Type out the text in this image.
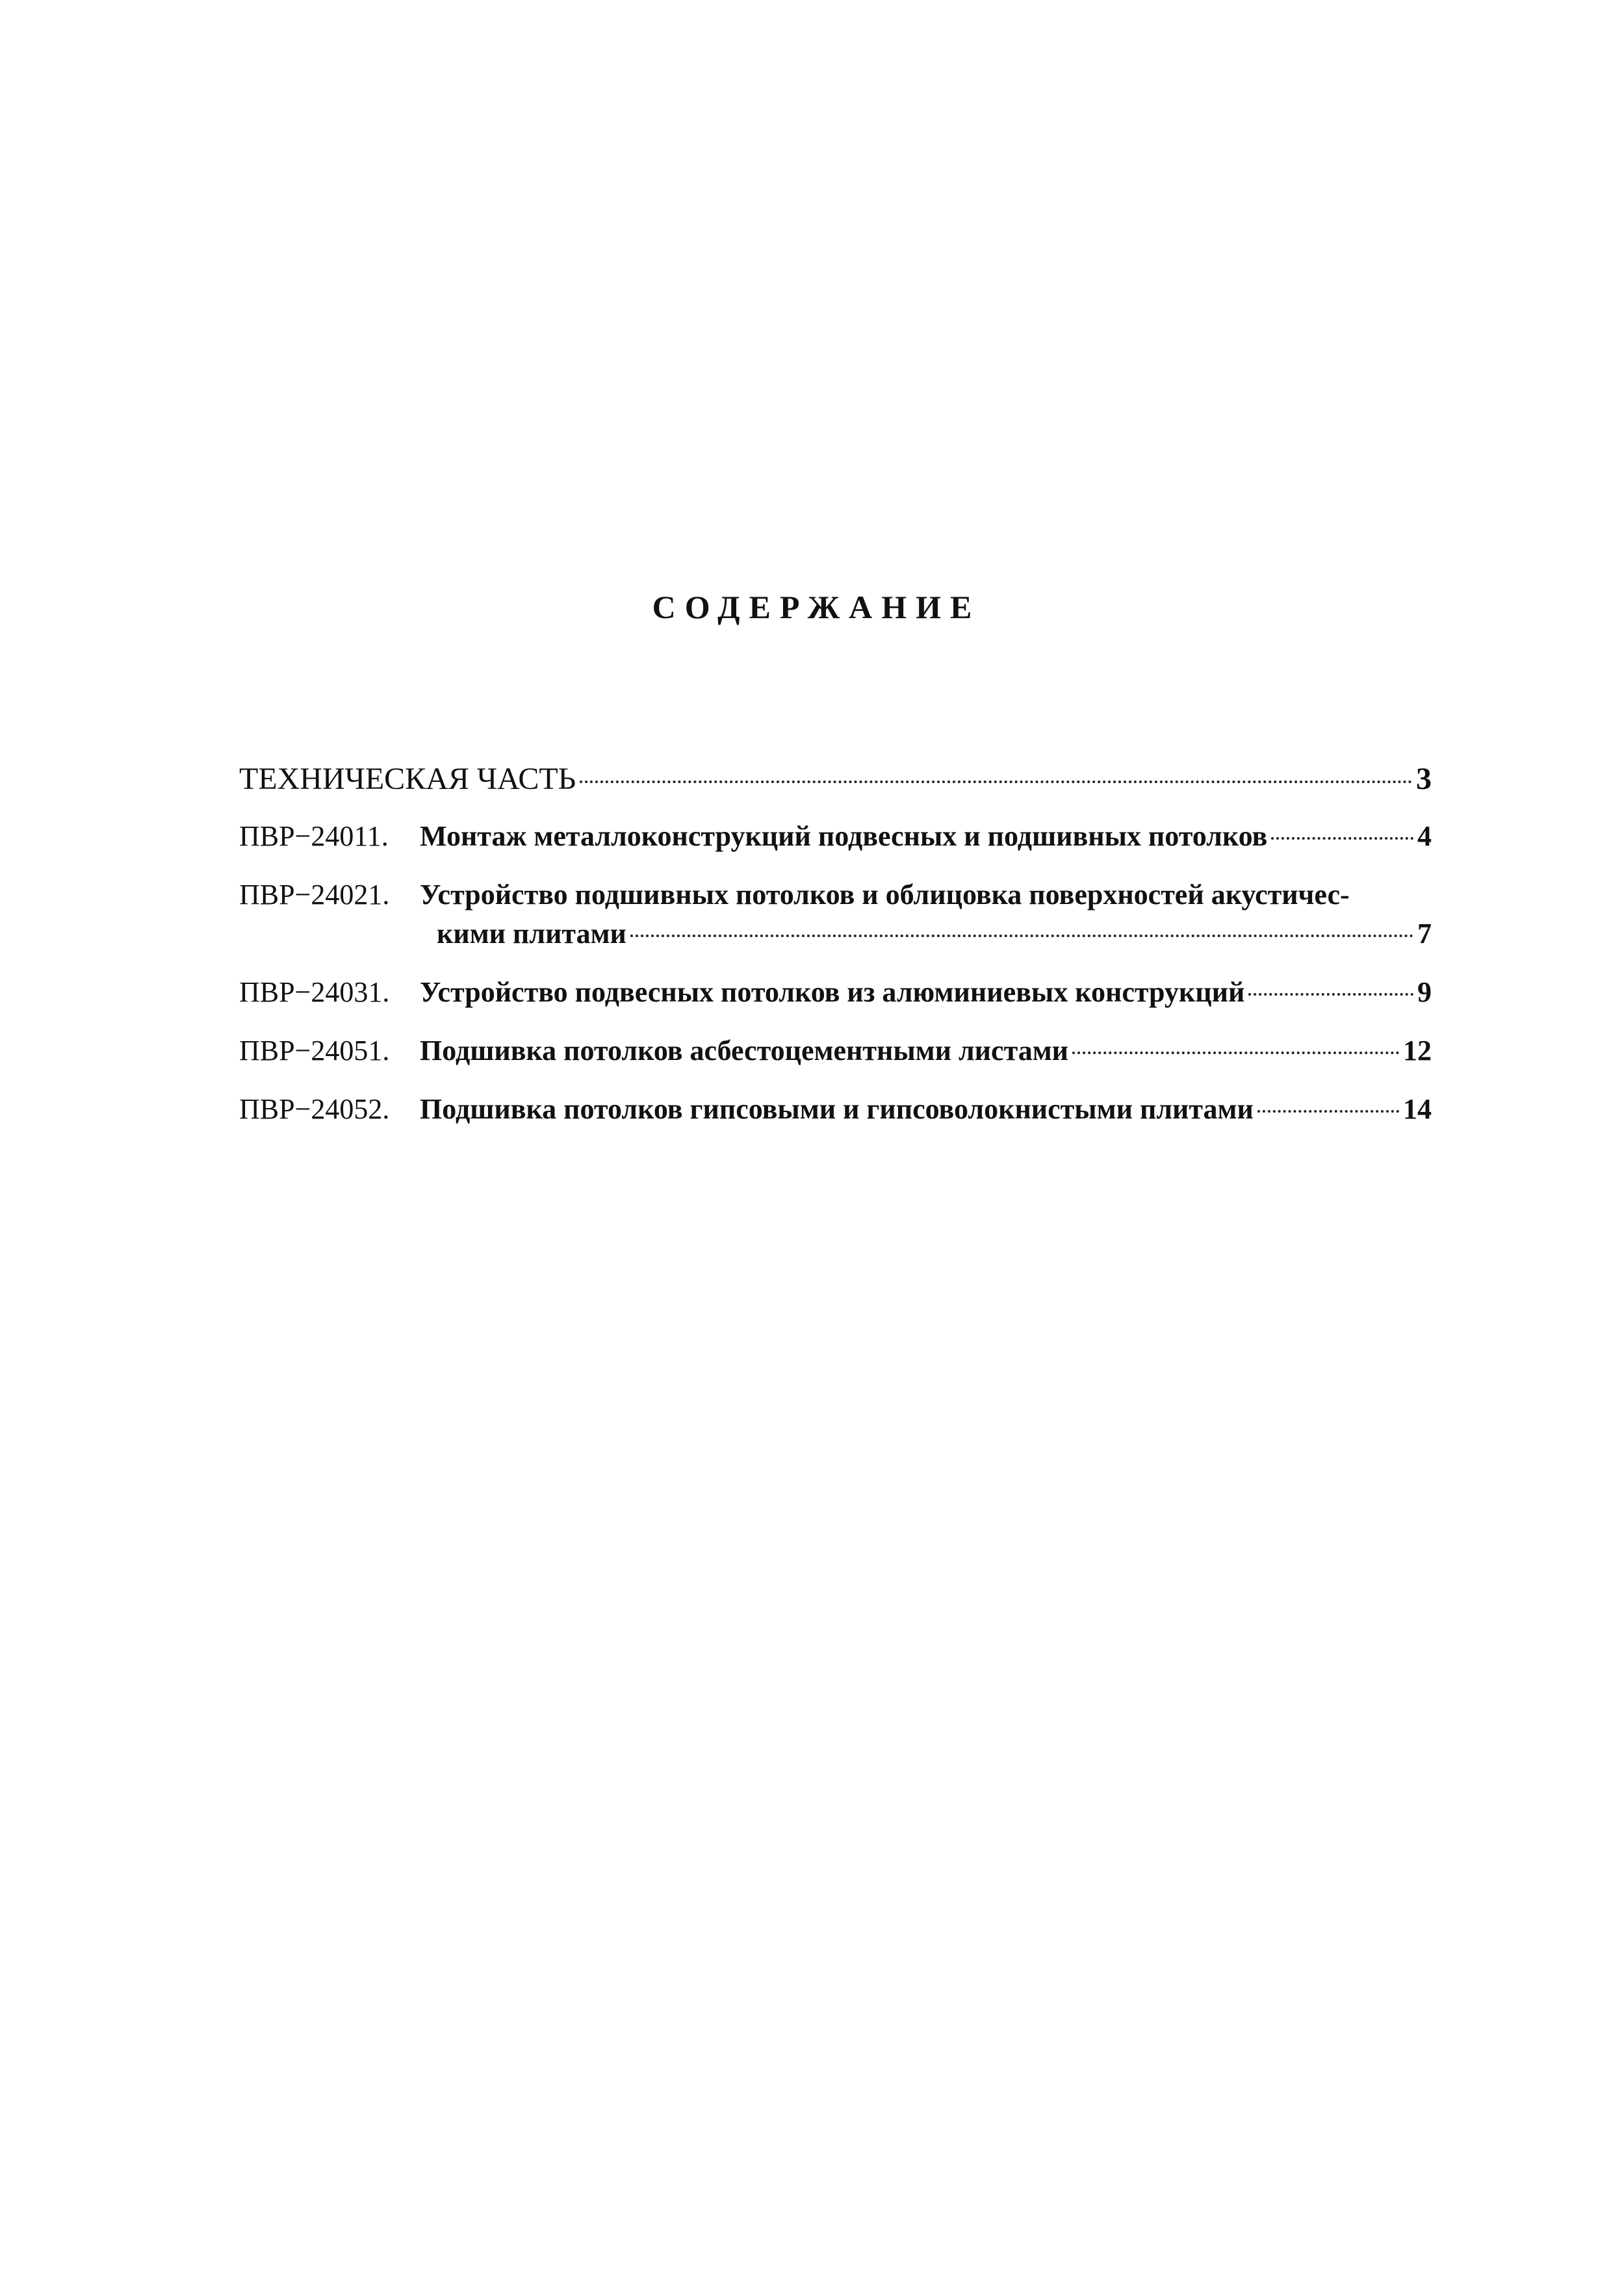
СОДЕРЖАНИЕ
ТЕХНИЧЕСКАЯ ЧАСТЬ	3
ПВР−24011.	Монтаж металлоконструкций подвесных и подшивных потолков	4
ПВР−24021.	Устройство подшивных потолков и облицовка поверхностей акустичес-
кими плитами	7
ПВР−24031.	Устройство подвесных потолков из алюминиевых конструкций	9
ПВР−24051.	Подшивка потолков асбестоцементными листами	12
ПВР−24052.	Подшивка потолков гипсовыми и гипсоволокнистыми плитами	14
